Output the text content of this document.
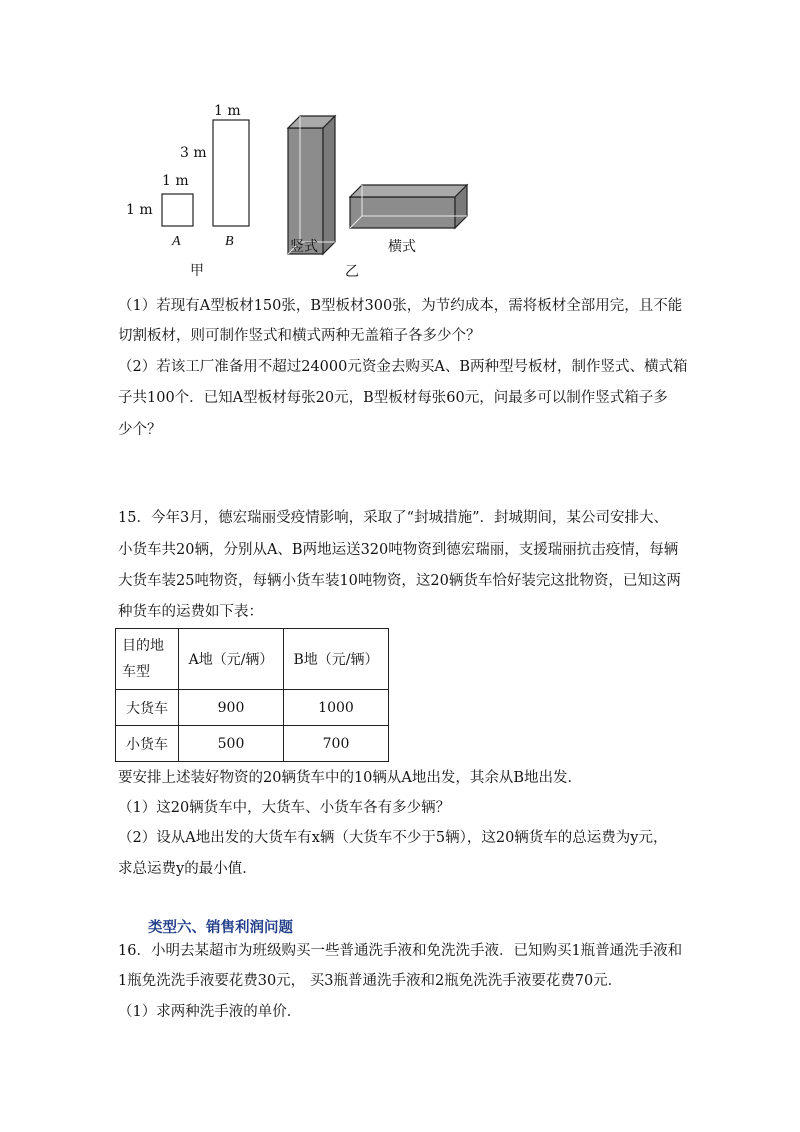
1 m
1 m
3 m
1 m
A	B
甲
竖式	横式
乙
（1）若现有A型板材150张，B型板材300张，为节约成本，需将板材全部用完，且不能
切割板材，则可制作竖式和横式两种无盖箱子各多少个？
（2）若该工厂准备用不超过24000元资金去购买A、B两种型号板材，制作竖式、横式箱
子共100个．已知A型板材每张20元，B型板材每张60元，问最多可以制作竖式箱子多
少个？
15．今年3月，德宏瑞丽受疫情影响，采取了“封城措施”．封城期间，某公司安排大、
小货车共20辆，分别从A、B两地运送320吨物资到德宏瑞丽，支援瑞丽抗击疫情，每辆
大货车装25吨物资，每辆小货车装10吨物资，这20辆货车恰好装完这批物资，已知这两
种货车的运费如下表：
目的地
车型	A地（元/辆）	B地（元/辆）
大货车	900	1000
小货车	500	700
要安排上述装好物资的20辆货车中的10辆从A地出发，其余从B地出发．
（1）这20辆货车中，大货车、小货车各有多少辆？
（2）设从A地出发的大货车有x辆（大货车不少于5辆），这20辆货车的总运费为y元，
求总运费y的最小值．
类型六、销售利润问题
16．小明去某超市为班级购买一些普通洗手液和免洗洗手液．已知购买1瓶普通洗手液和
1瓶免洗洗手液要花费30元， 买3瓶普通洗手液和2瓶免洗洗手液要花费70元．
（1）求两种洗手液的单价．
